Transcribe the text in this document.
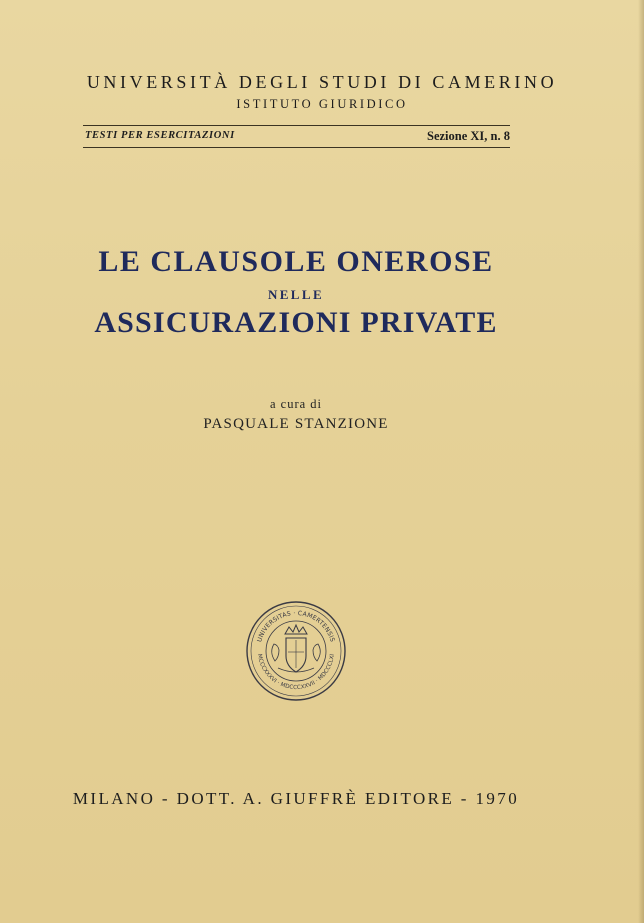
UNIVERSITÀ DEGLI STUDI DI CAMERINO
ISTITUTO GIURIDICO
TESTI PER ESERCITAZIONI	Sezione XI, n. 8
LE CLAUSOLE ONEROSE
NELLE
ASSICURAZIONI PRIVATE
a cura di
PASQUALE STANZIONE
UNIVERSITAS · CAMERTENSIS
MCCCXXXVI · MDCCCXXVII · MDCCCLXI
MILANO - DOTT. A. GIUFFRÈ EDITORE - 1970
